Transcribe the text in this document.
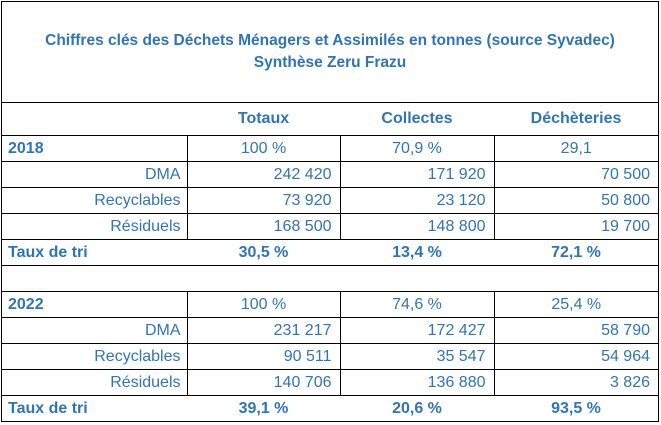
Chiffres clés des Déchets Ménagers et Assimilés en tonnes (source Syvadec)
Synthèse Zeru Frazu
	Totaux	Collectes	Déchèteries
2018	100 %	70,9 %	29,1
DMA	242 420	171 920	70 500
Recyclables	73 920	23 120	50 800
Résiduels	168 500	148 800	19 700
Taux de tri	30,5 %	13,4 %	72,1 %

2022	100 %	74,6 %	25,4 %
DMA	231 217	172 427	58 790
Recyclables	90 511	35 547	54 964
Résiduels	140 706	136 880	3 826
Taux de tri	39,1 %	20,6 %	93,5 %
